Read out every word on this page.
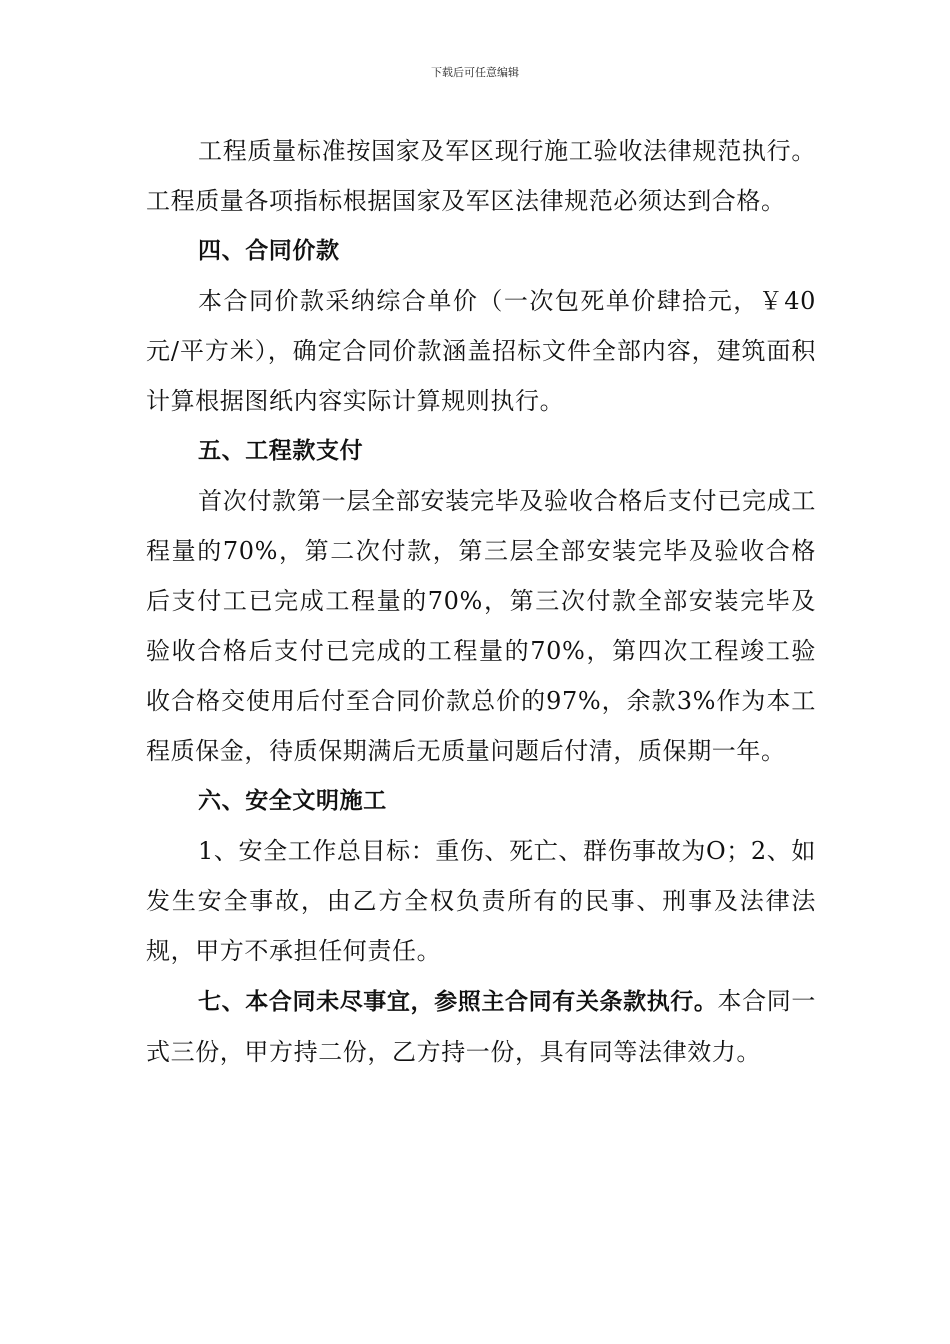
下载后可任意编辑

工程质量标准按国家及军区现行施工验收法律规范执行。工程质量各项指标根据国家及军区法律规范必须达到合格。

四、合同价款

本合同价款采纳综合单价（一次包死单价肆拾元，￥40元/平方米），确定合同价款涵盖招标文件全部内容，建筑面积计算根据图纸内容实际计算规则执行。

五、工程款支付

首次付款第一层全部安装完毕及验收合格后支付已完成工程量的70%，第二次付款，第三层全部安装完毕及验收合格后支付工已完成工程量的70%，第三次付款全部安装完毕及验收合格后支付已完成的工程量的70%，第四次工程竣工验收合格交使用后付至合同价款总价的97%，余款3%作为本工程质保金，待质保期满后无质量问题后付清，质保期一年。

六、安全文明施工

1、安全工作总目标：重伤、死亡、群伤事故为O；2、如发生安全事故，由乙方全权负责所有的民事、刑事及法律法规，甲方不承担任何责任。

七、本合同未尽事宜，参照主合同有关条款执行。本合同一式三份，甲方持二份，乙方持一份，具有同等法律效力。
